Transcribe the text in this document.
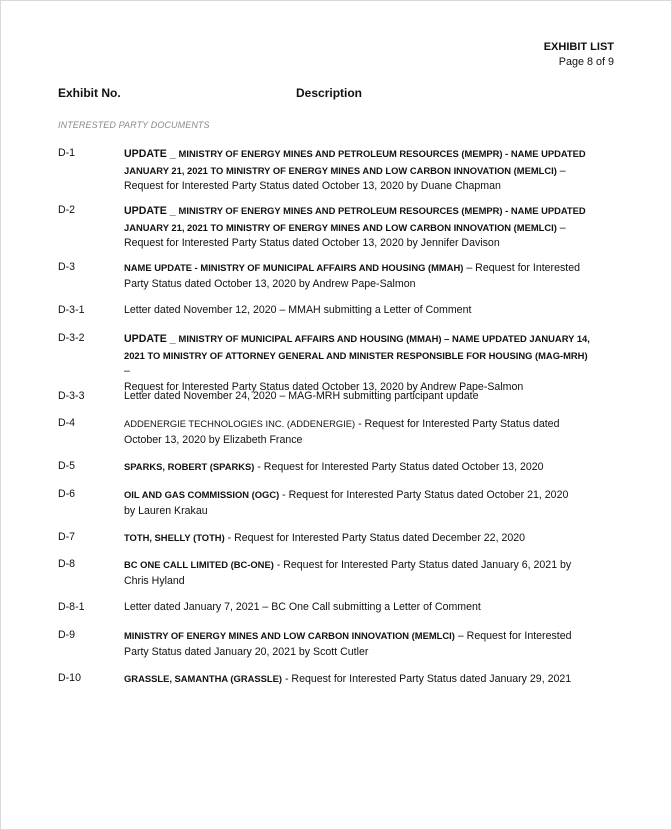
EXHIBIT LIST
Page 8 of 9
Exhibit No.	Description
INTERESTED PARTY DOCUMENTS
D-1	UPDATE _ MINISTRY OF ENERGY MINES AND PETROLEUM RESOURCES (MEMPR) - NAME UPDATED
JANUARY 21, 2021 TO MINISTRY OF ENERGY MINES AND LOW CARBON INNOVATION (MEMLCI) –
Request for Interested Party Status dated October 13, 2020 by Duane Chapman
D-2	UPDATE _ MINISTRY OF ENERGY MINES AND PETROLEUM RESOURCES (MEMPR) - NAME UPDATED
JANUARY 21, 2021 TO MINISTRY OF ENERGY MINES AND LOW CARBON INNOVATION (MEMLCI) –
Request for Interested Party Status dated October 13, 2020 by Jennifer Davison
D-3	NAME UPDATE - MINISTRY OF MUNICIPAL AFFAIRS AND HOUSING (MMAH) – Request for Interested
Party Status dated October 13, 2020 by Andrew Pape-Salmon
D-3-1	Letter dated November 12, 2020 – MMAH submitting a Letter of Comment
D-3-2	UPDATE _ MINISTRY OF MUNICIPAL AFFAIRS AND HOUSING (MMAH) – NAME UPDATED JANUARY 14,
2021 TO MINISTRY OF ATTORNEY GENERAL AND MINISTER RESPONSIBLE FOR HOUSING (MAG-MRH) –
Request for Interested Party Status dated October 13, 2020 by Andrew Pape-Salmon
D-3-3	Letter dated November 24, 2020 – MAG-MRH submitting participant update
D-4	ADDENERGIE TECHNOLOGIES INC. (ADDENERGIE) - Request for Interested Party Status dated
October 13, 2020 by Elizabeth France
D-5	SPARKS, ROBERT (SPARKS) - Request for Interested Party Status dated October 13, 2020
D-6	OIL AND GAS COMMISSION (OGC) - Request for Interested Party Status dated October 21, 2020
by Lauren Krakau
D-7	TOTH, SHELLY (TOTH) - Request for Interested Party Status dated December 22, 2020
D-8	BC ONE CALL LIMITED (BC-ONE) - Request for Interested Party Status dated January 6, 2021 by
Chris Hyland
D-8-1	Letter dated January 7, 2021 – BC One Call submitting a Letter of Comment
D-9	MINISTRY OF ENERGY MINES AND LOW CARBON INNOVATION (MEMLCI) – Request for Interested
Party Status dated January 20, 2021 by Scott Cutler
D-10	GRASSLE, SAMANTHA (GRASSLE) - Request for Interested Party Status dated January 29, 2021
